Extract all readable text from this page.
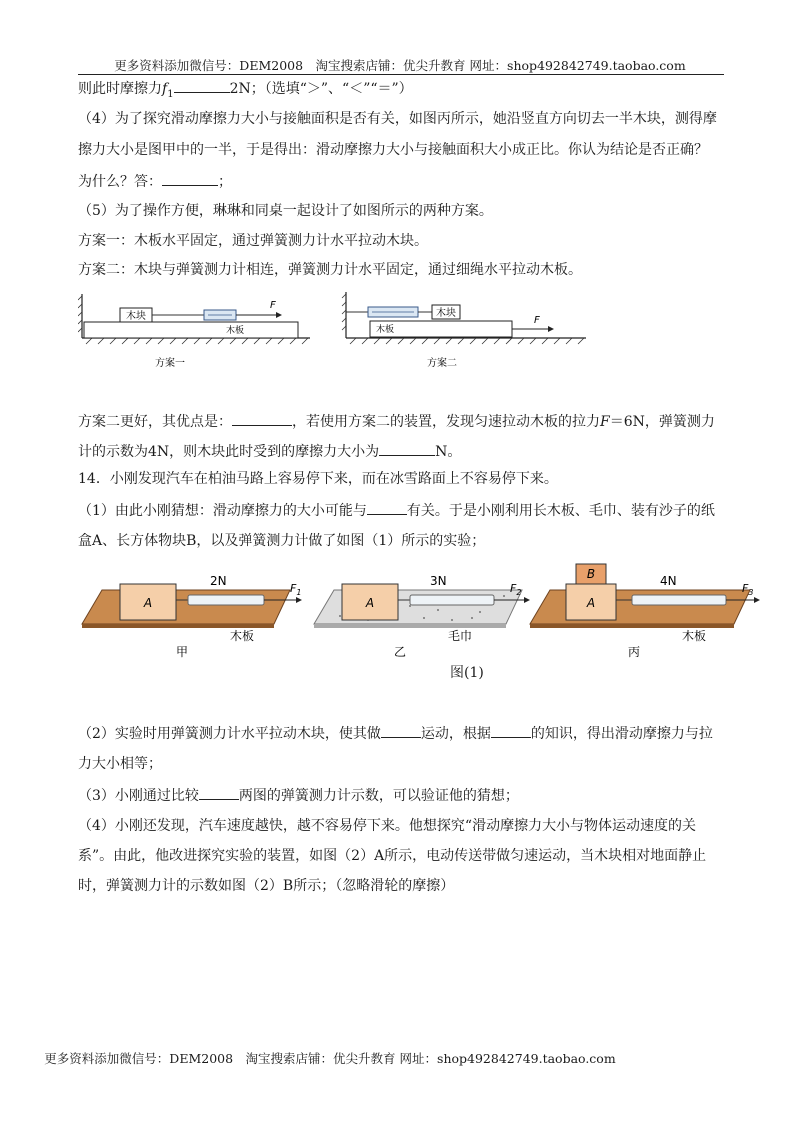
更多资料添加微信号：DEM2008　淘宝搜索店铺：优尖升教育 网址：shop492842749.taobao.com
则此时摩擦力$f_1$	2N；（选填“＞”、“＜”“＝”）
（4）为了探究滑动摩擦力大小与接触面积是否有关，如图丙所示，她沿竖直方向切去一半木块，测得摩
擦力大小是图甲中的一半，于是得出：滑动摩擦力大小与接触面积大小成正比。你认为结论是否正确？
为什么？答：	；
（5）为了操作方便，琳琳和同桌一起设计了如图所示的两种方案。
方案一：木板水平固定，通过弹簧测力计水平拉动木块。
方案二：木块与弹簧测力计相连，弹簧测力计水平固定，通过细绳水平拉动木板。
木块
F
木板
方案一
木块
木板
F
方案二
方案二更好，其优点是：	，若使用方案二的装置，发现匀速拉动木板的拉力F＝6N，弹簧测力
计的示数为4N，则木块此时受到的摩擦力大小为	N。
14．小刚发现汽车在柏油马路上容易停下来，而在冰雪路面上不容易停下来。
（1）由此小刚猜想：滑动摩擦力的大小可能与	有关。于是小刚利用长木板、毛巾、装有沙子的纸
盒A、长方体物块B，以及弹簧测力计做了如图（1）所示的实验；
A
2N
$F_1$
木板
甲
A
3N
$F_2$
毛巾
乙
B
A
4N
$F_3$
木板
丙
图(1)
（2）实验时用弹簧测力计水平拉动木块，使其做	运动，根据	的知识，得出滑动摩擦力与拉
力大小相等；
（3）小刚通过比较	两图的弹簧测力计示数，可以验证他的猜想；
（4）小刚还发现，汽车速度越快，越不容易停下来。他想探究“滑动摩擦力大小与物体运动速度的关
系”。由此，他改进探究实验的装置，如图（2）A所示，电动传送带做匀速运动，当木块相对地面静止
时，弹簧测力计的示数如图（2）B所示；（忽略滑轮的摩擦）
更多资料添加微信号：DEM2008　淘宝搜索店铺：优尖升教育 网址：shop492842749.taobao.com
